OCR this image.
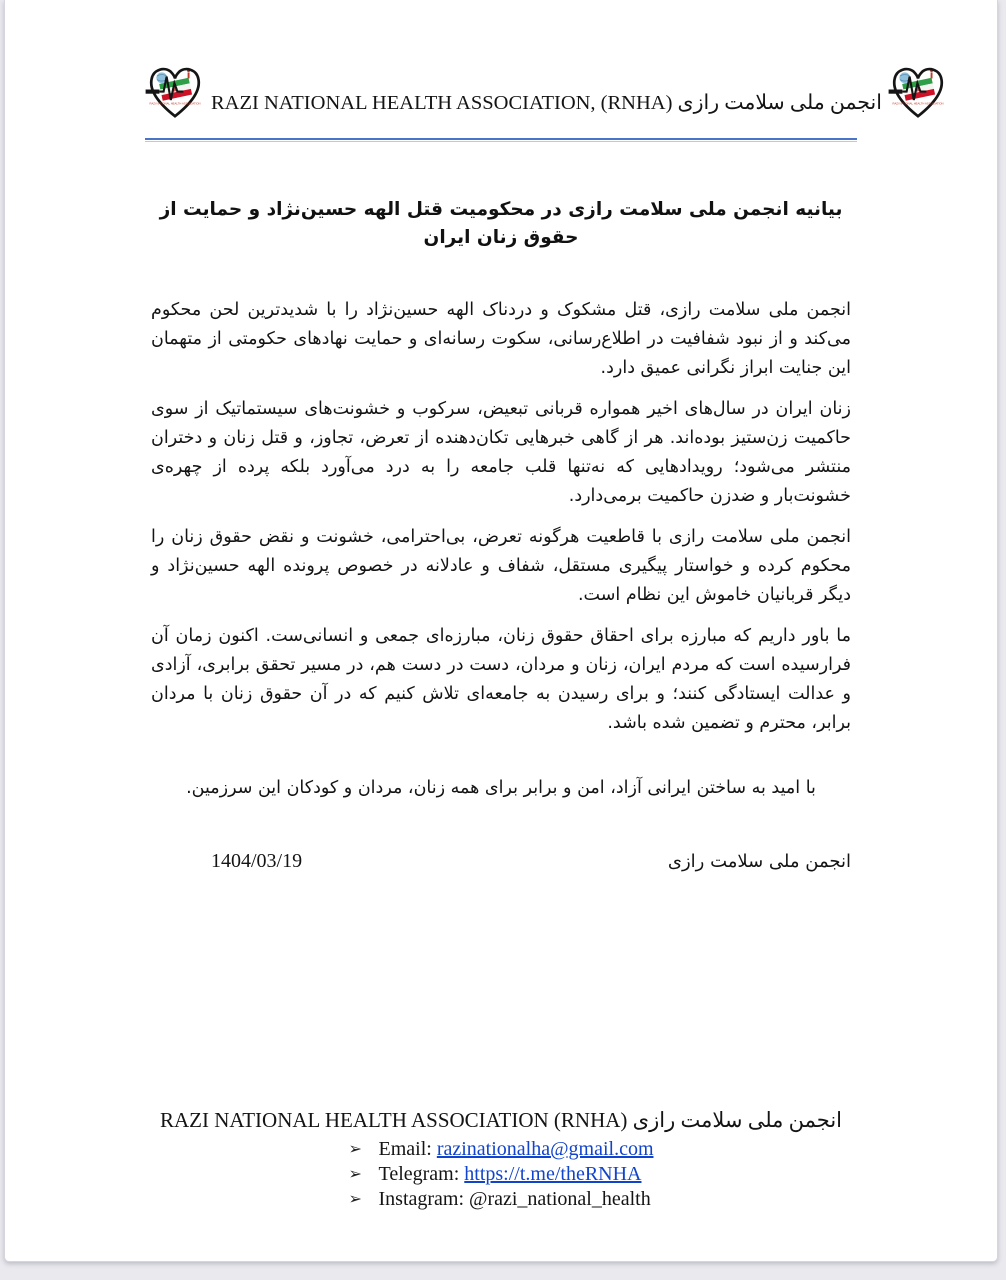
RAZI NATIONAL HEALTH ASSOCIATION RAZI NATIONAL HEALTH ASSOCIATION, (RNHA) انجمن ملی سلامت رازی RAZI NATIONAL HEALTH ASSOCIATION
بیانیه انجمن ملی سلامت رازی در محکومیت قتل الهه حسین‌نژاد و حمایت از حقوق زنان ایران

انجمن ملی سلامت رازی، قتل مشکوک و دردناک الهه حسین‌نژاد را با شدیدترین لحن محکوم می‌کند و از نبود شفافیت در اطلاع‌رسانی، سکوت رسانه‌ای و حمایت نهادهای حکومتی از متهمان این جنایت ابراز نگرانی عمیق دارد.

زنان ایران در سال‌های اخیر همواره قربانی تبعیض، سرکوب و خشونت‌های سیستماتیک از سوی حاکمیت زن‌ستیز بوده‌اند. هر از گاهی خبرهایی تکان‌دهنده از تعرض، تجاوز، و قتل زنان و دختران منتشر می‌شود؛ رویدادهایی که نه‌تنها قلب جامعه را به درد می‌آورد بلکه پرده از چهره‌ی خشونت‌بار و ضدزن حاکمیت برمی‌دارد.

انجمن ملی سلامت رازی با قاطعیت هرگونه تعرض، بی‌احترامی، خشونت و نقض حقوق زنان را محکوم کرده و خواستار پیگیری مستقل، شفاف و عادلانه در خصوص پرونده الهه حسین‌نژاد و دیگر قربانیان خاموش این نظام است.

ما باور داریم که مبارزه برای احقاق حقوق زنان، مبارزه‌ای جمعی و انسانی‌ست. اکنون زمان آن فرارسیده است که مردم ایران، زنان و مردان، دست در دست هم، در مسیر تحقق برابری، آزادی و عدالت ایستادگی کنند؛ و برای رسیدن به جامعه‌ای تلاش کنیم که در آن حقوق زنان با مردان برابر، محترم و تضمین شده باشد.

با امید به ساختن ایرانی آزاد، امن و برابر برای همه زنان، مردان و کودکان این سرزمین.
انجمن ملی سلامت رازی
1404/03/19
RAZI NATIONAL HEALTH ASSOCIATION (RNHA) انجمن ملی سلامت رازی
➢ Email: razinationalha@gmail.com
➢ Telegram: https://t.me/theRNHA
➢ Instagram: @razi_national_health
